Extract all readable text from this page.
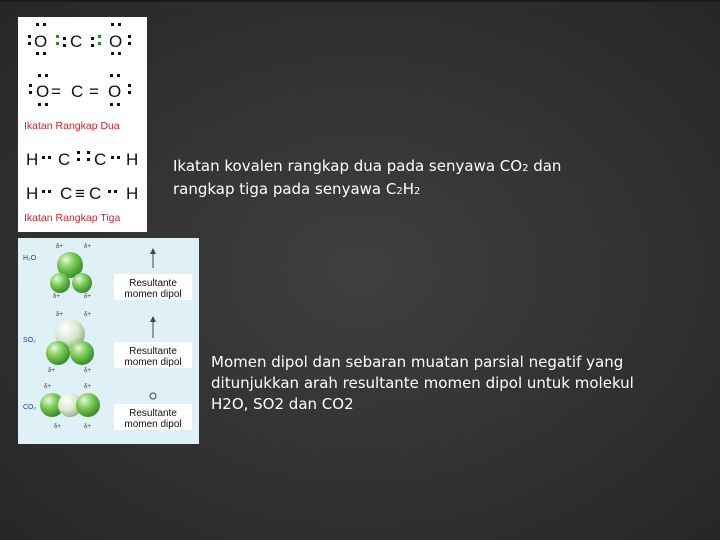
O C O
O = C = O
Ikatan Rangkap Dua
H C C H
H C ≡ C H
Ikatan Rangkap Tiga
Ikatan kovalen rangkap dua pada senyawa CO2 dan
rangkap tiga pada senyawa C2H2
H₂O
δ+	δ+
δ+	δ+
Resultante
momen dipol
SO₂
δ+	δ+
δ+	δ+
Resultante
momen dipol
CO₂
δ+	δ+
δ+	δ+
Resultante
momen dipol
Momen dipol dan sebaran muatan parsial negatif yang
ditunjukkan arah resultante momen dipol untuk molekul
H2O, SO2 dan CO2
